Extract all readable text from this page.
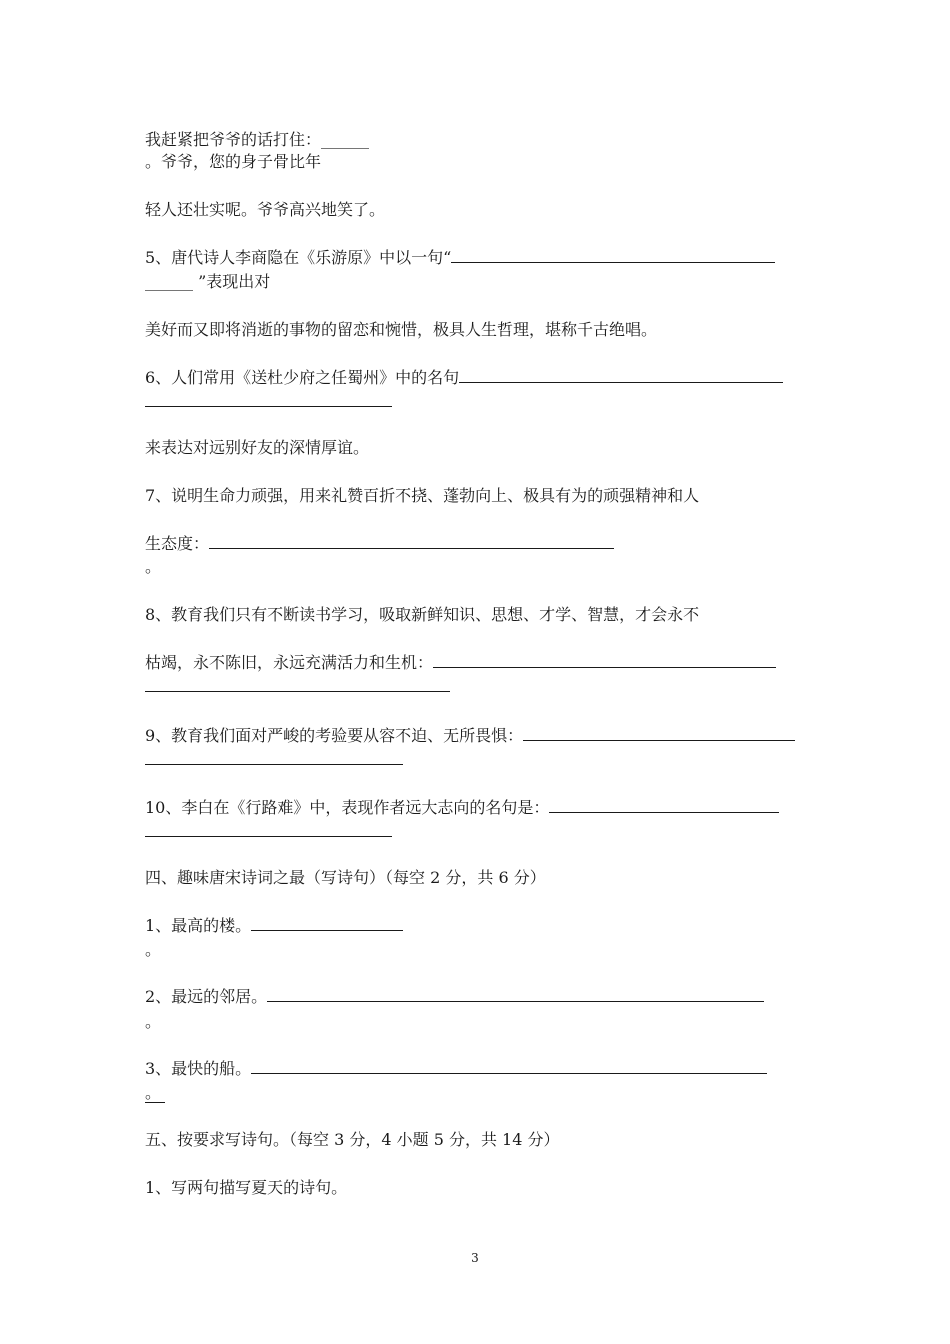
我赶紧把爷爷的话打住：______
。爷爷，您的身子骨比年
轻人还壮实呢。爷爷高兴地笑了。
5、唐代诗人李商隐在《乐游原》中以一句“
______ ”表现出对
美好而又即将消逝的事物的留恋和惋惜，极具人生哲理，堪称千古绝唱。
6、人们常用《送杜少府之任蜀州》中的名句
来表达对远别好友的深情厚谊。
7、说明生命力顽强，用来礼赞百折不挠、蓬勃向上、极具有为的顽强精神和人
生态度：
。
8、教育我们只有不断读书学习，吸取新鲜知识、思想、才学、智慧，才会永不
枯竭，永不陈旧，永远充满活力和生机：
9、教育我们面对严峻的考验要从容不迫、无所畏惧：
10、李白在《行路难》中，表现作者远大志向的名句是：
四、趣味唐宋诗词之最（写诗句）（每空 2 分，共 6 分）
1、最高的楼。
。
2、最远的邻居。
。
3、最快的船。
。
五、按要求写诗句。（每空 3 分，4 小题 5 分，共 14 分）
1、写两句描写夏天的诗句。
3
